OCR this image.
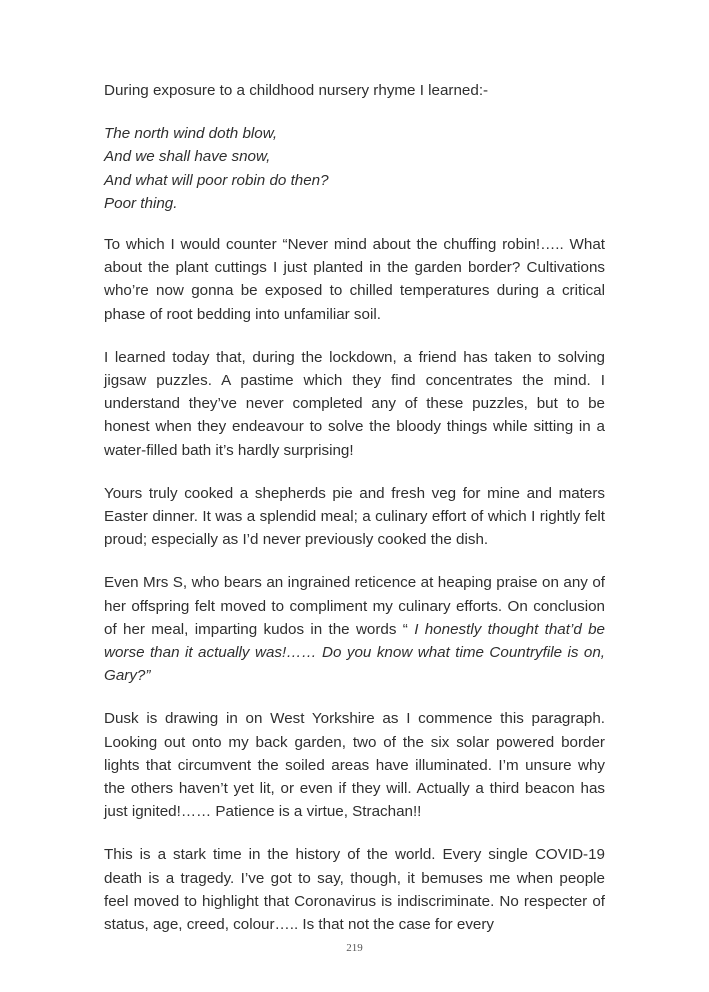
During exposure to a childhood nursery rhyme I learned:-

The north wind doth blow,
And we shall have snow,
And what will poor robin do then?
Poor thing.

To which I would counter “Never mind about the chuffing robin!….. What about the plant cuttings I just planted in the garden border? Cultivations who’re now gonna be exposed to chilled temperatures during a critical phase of root bedding into unfamiliar soil.

I learned today that, during the lockdown, a friend has taken to solving jigsaw puzzles. A pastime which they find concentrates the mind. I understand they’ve never completed any of these puzzles, but to be honest when they endeavour to solve the bloody things while sitting in a water-filled bath it’s hardly surprising!

Yours truly cooked a shepherds pie and fresh veg for mine and maters Easter dinner. It was a splendid meal; a culinary effort of which I rightly felt proud; especially as I’d never previously cooked the dish.

Even Mrs S, who bears an ingrained reticence at heaping praise on any of her offspring felt moved to compliment my culinary efforts. On conclusion of her meal, imparting kudos in the words “ I honestly thought that’d be worse than it actually was!…… Do you know what time Countryfile is on, Gary?”

Dusk is drawing in on West Yorkshire as I commence this paragraph. Looking out onto my back garden, two of the six solar powered border lights that circumvent the soiled areas have illuminated. I’m unsure why the others haven’t yet lit, or even if they will. Actually a third beacon has just ignited!…… Patience is a virtue, Strachan!!

This is a stark time in the history of the world. Every single COVID-19 death is a tragedy. I’ve got to say, though, it bemuses me when people feel moved to highlight that Coronavirus is indiscriminate. No respecter of status, age, creed, colour….. Is that not the case for every

219
